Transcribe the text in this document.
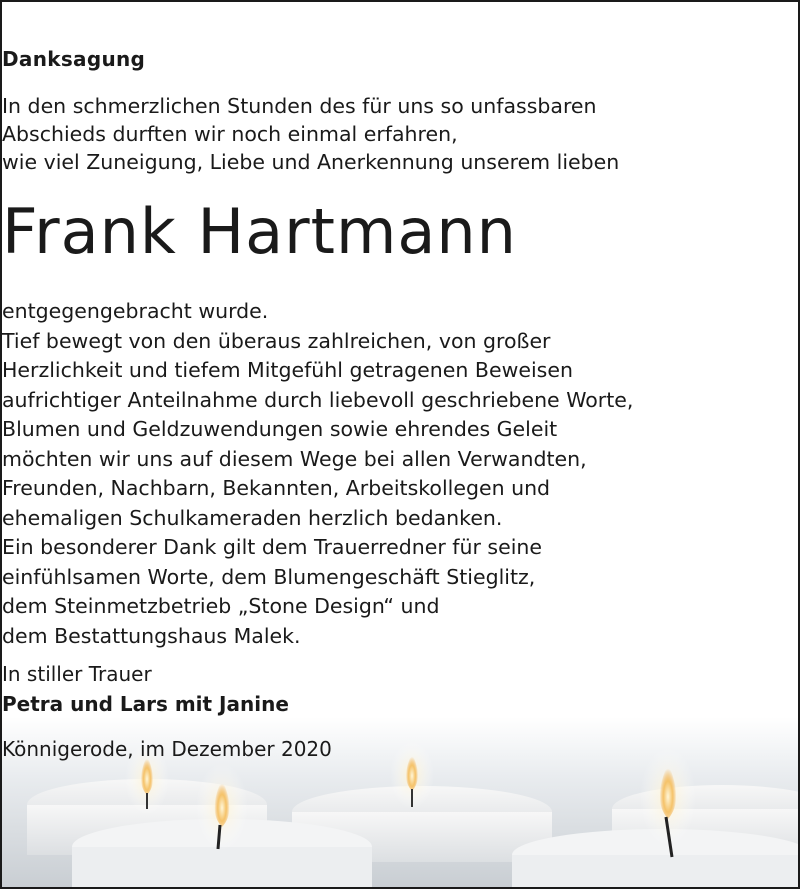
Danksagung
In den schmerzlichen Stunden des für uns so unfassbaren
Abschieds durften wir noch einmal erfahren,
wie viel Zuneigung, Liebe und Anerkennung unserem lieben
Frank Hartmann
entgegengebracht wurde.
Tief bewegt von den überaus zahlreichen, von großer
Herzlichkeit und tiefem Mitgefühl getragenen Beweisen
aufrichtiger Anteilnahme durch liebevoll geschriebene Worte,
Blumen und Geldzuwendungen sowie ehrendes Geleit
möchten wir uns auf diesem Wege bei allen Verwandten,
Freunden, Nachbarn, Bekannten, Arbeitskollegen und
ehemaligen Schulkameraden herzlich bedanken.
Ein besonderer Dank gilt dem Trauerredner für seine
einfühlsamen Worte, dem Blumengeschäft Stieglitz,
dem Steinmetzbetrieb „Stone Design“ und
dem Bestattungshaus Malek.
In stiller Trauer
Petra und Lars mit Janine
Könnigerode, im Dezember 2020
